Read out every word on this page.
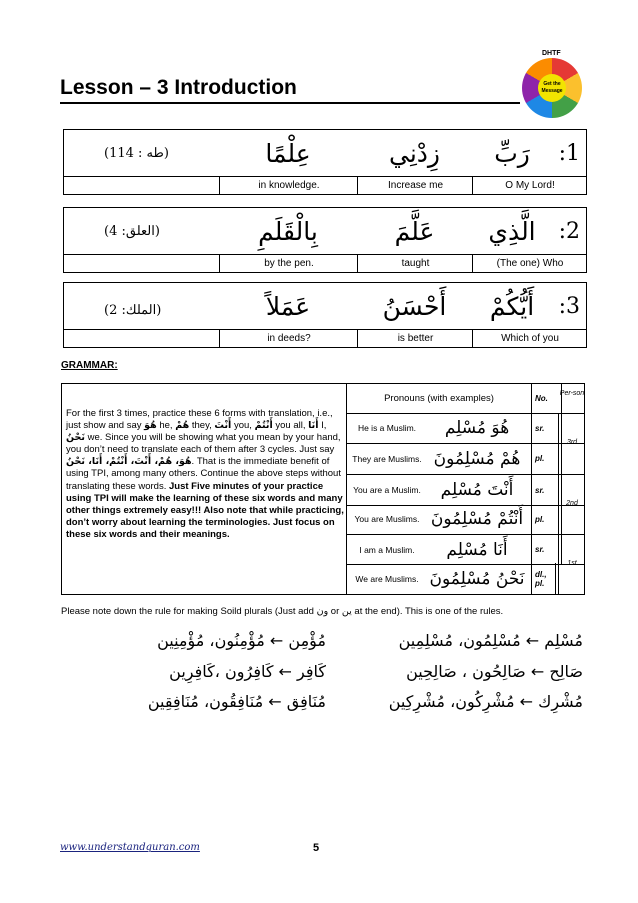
Lesson – 3 Introduction
DHTF
Get the Message
(طه : 114)	عِلْمًا	زِدْنِي	رَبِّ	:1
in knowledge.	Increase me	O My Lord!
(العلق: 4)	بِالْقَلَمِ	عَلَّمَ	الَّذِي	:2
by the pen.	taught	(The one) Who
(الملك: 2)	عَمَلاً	أَحْسَنُ	أَيُّكُمْ	:3
in deeds?	is better	Which of you
GRAMMAR:
For the first 3 times, practice these 6 forms with translation, i.e., just show and say هُوَ he, هُمْ they, أَنْتَ you, أَنْتُمْ you all, أَنَا I, نَحْنُ we. Since you will be showing what you mean by your hand, you don’t need to translate each of them after 3 cycles. Just say هُوَ، هُمْ، أَنْتَ، أَنْتُمْ، أَنَا، نَحْنُ. That is the immediate benefit of using TPI, among many others. Continue the above steps without translating these words. Just Five minutes of your practice using TPI will make the learning of these six words and many other things extremely easy!!! Also note that while practicing, don’t worry about learning the terminologies. Just focus on these six words and their meanings.
Pronouns (with examples)	No.
Per-son
He is a Muslim.	هُوَ مُسْلِم	sr.
They are Muslims. هُمْ مُسْلِمُونَ	pl.
You are a Muslim.	أَنْتَ مُسْلِم	sr.
You are Muslims. أَنْتُمْ مُسْلِمُونَ	pl.
I am a Muslim.	أَنَا مُسْلِم	sr.
We are Muslims. نَحْنُ مُسْلِمُونَ	dl., pl.
3rd
2nd
1st
Please note down the rule for making Soild plurals (Just add ون or ين at the end). This is one of the rules.
مُسْلِم ← مُسْلِمُون، مُسْلِمِين
صَالِح ← صَالِحُون ، صَالِحِين
مُشْرِك ← مُشْرِكُون، مُشْرِكِين
مُؤْمِن ← مُؤْمِنُون، مُؤْمِنِين
كَافِر ← كَافِرُون ،كَافِرِين
مُنَافِق ← مُنَافِقُون، مُنَافِقِين
www.understandquran.com	5
